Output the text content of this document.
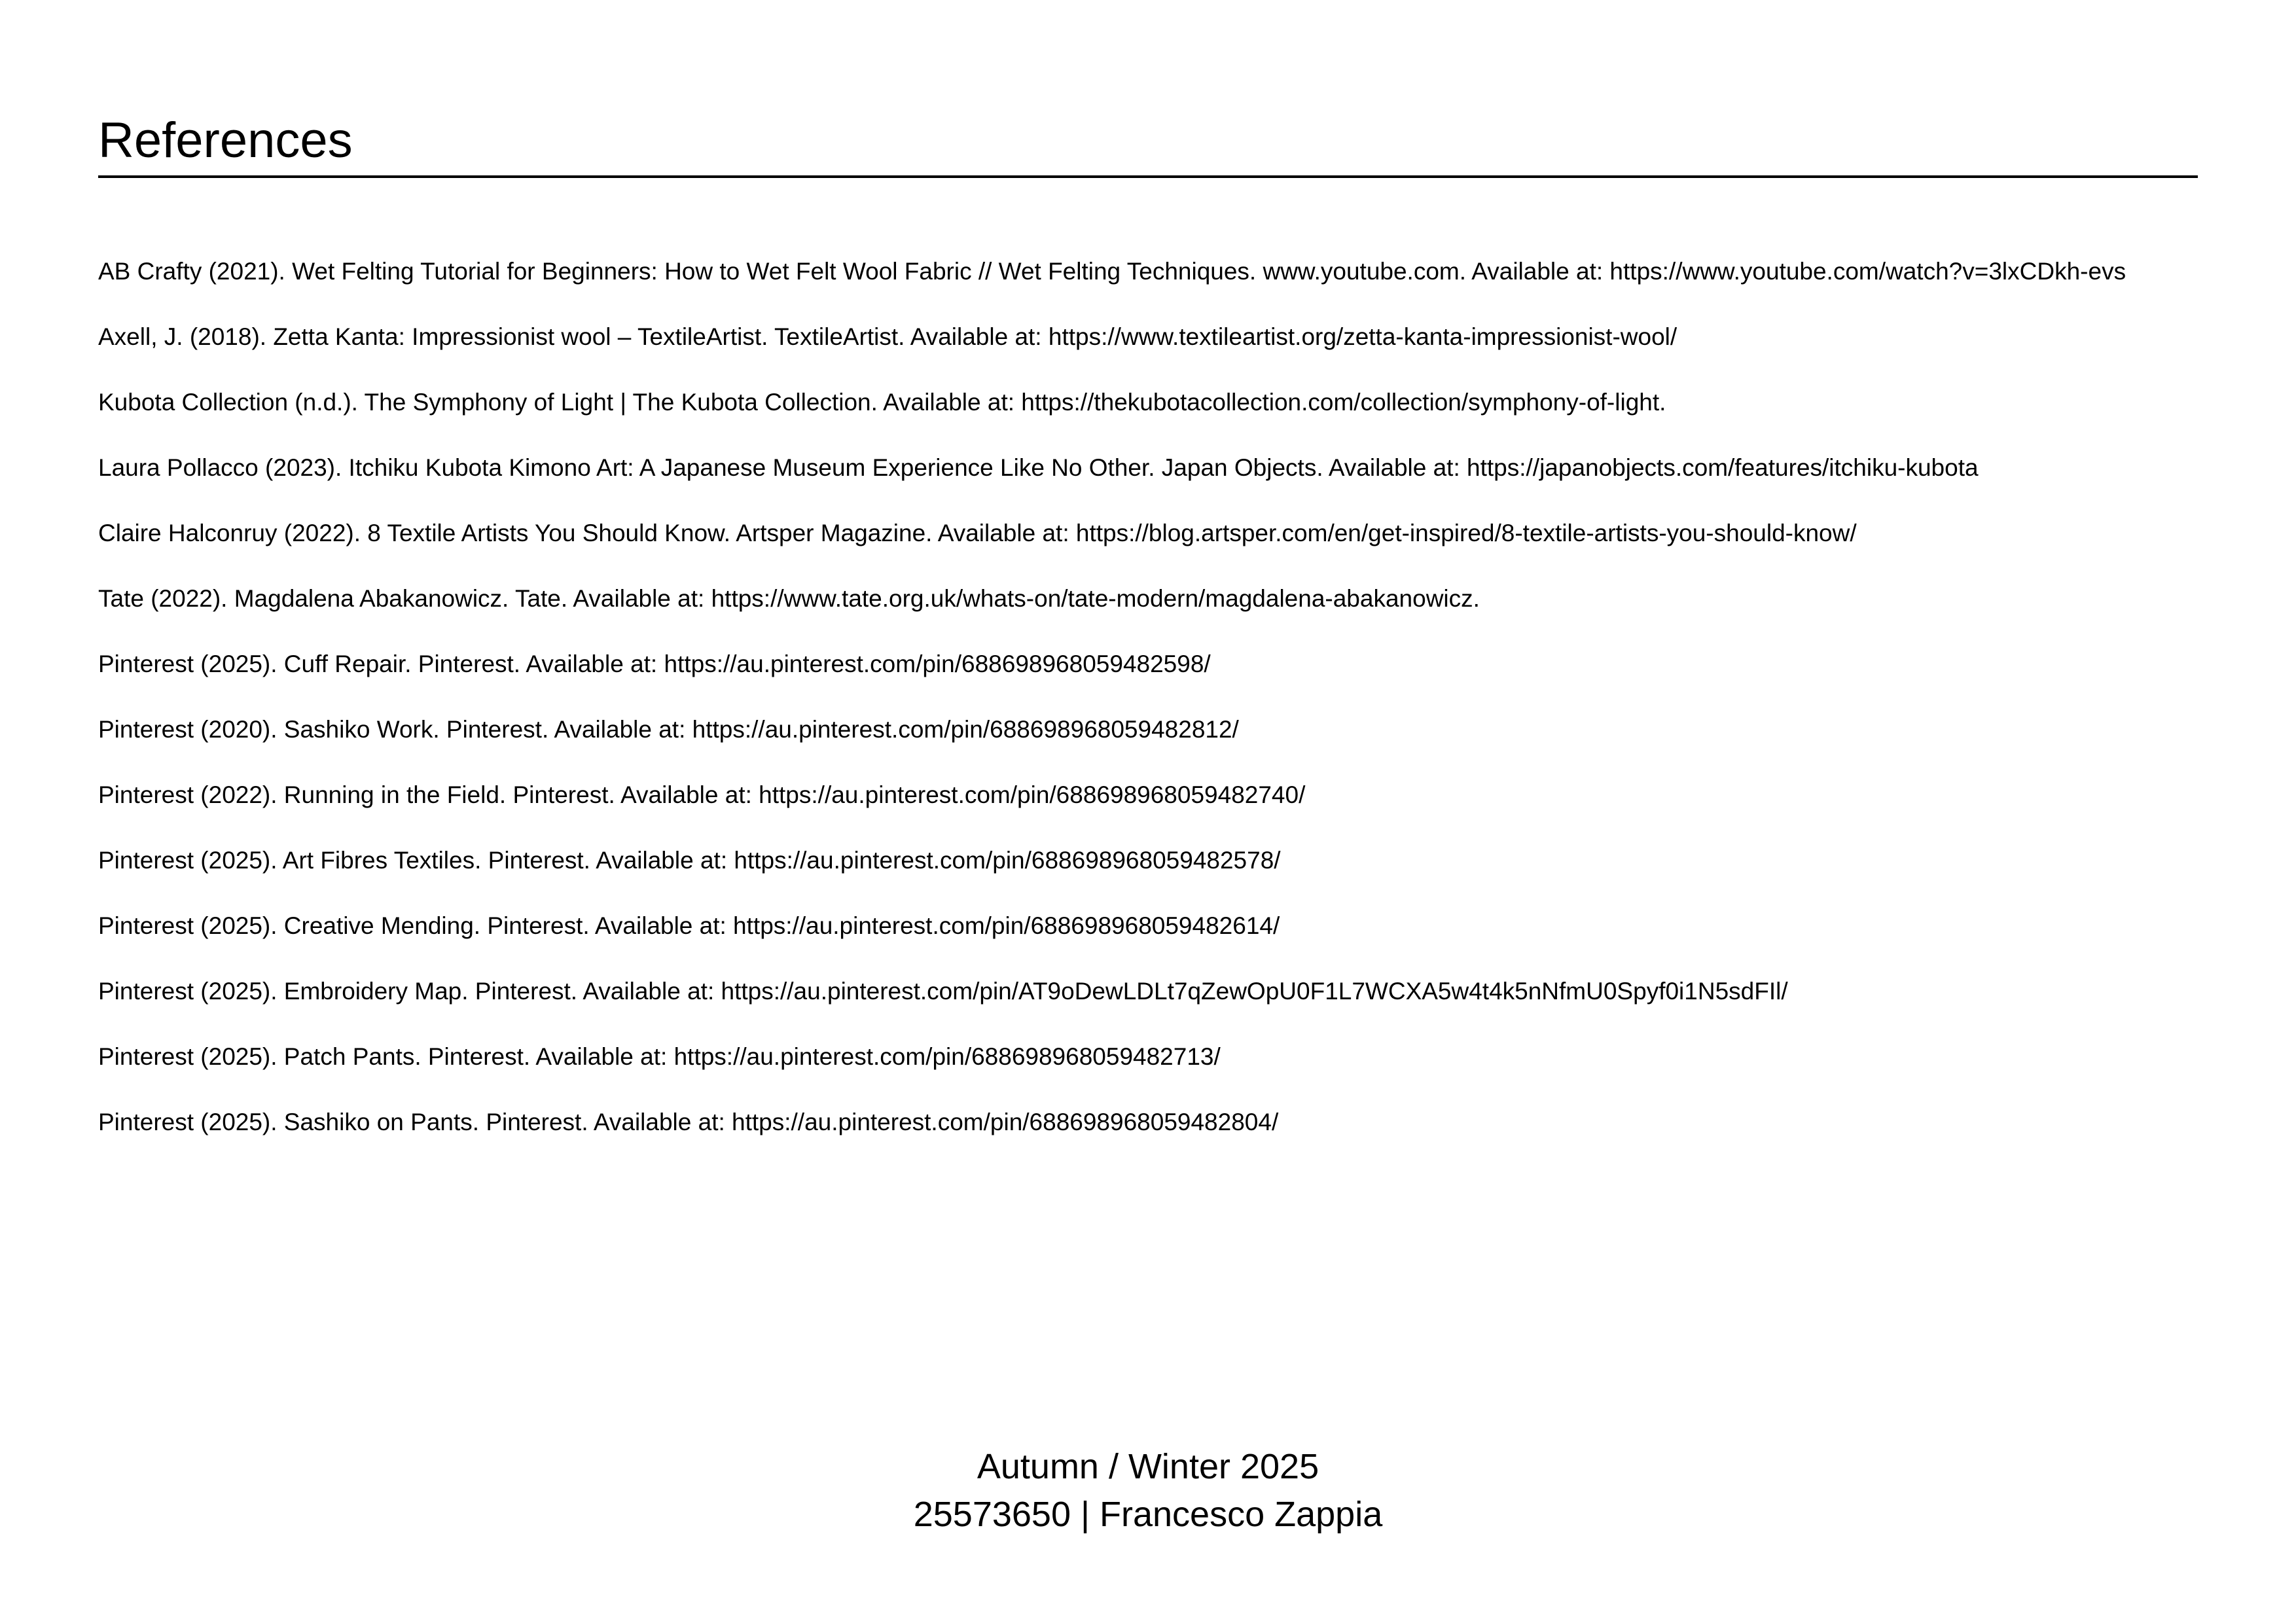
References
AB Crafty (2021). Wet Felting Tutorial for Beginners: How to Wet Felt Wool Fabric // Wet Felting Techniques. www.youtube.com. Available at: https://www.youtube.com/watch?v=3lxCDkh-evs
Axell, J. (2018). Zetta Kanta: Impressionist wool – TextileArtist. TextileArtist. Available at: https://www.textileartist.org/zetta-kanta-impressionist-wool/
Kubota Collection (n.d.). The Symphony of Light | The Kubota Collection. Available at: https://thekubotacollection.com/collection/symphony-of-light.
Laura Pollacco (2023). Itchiku Kubota Kimono Art: A Japanese Museum Experience Like No Other. Japan Objects. Available at: https://japanobjects.com/features/itchiku-kubota
Claire Halconruy (2022). 8 Textile Artists You Should Know. Artsper Magazine. Available at: https://blog.artsper.com/en/get-inspired/8-textile-artists-you-should-know/
Tate (2022). Magdalena Abakanowicz. Tate. Available at: https://www.tate.org.uk/whats-on/tate-modern/magdalena-abakanowicz.
Pinterest (2025). Cuff Repair. Pinterest. Available at: https://au.pinterest.com/pin/688698968059482598/
Pinterest (2020). Sashiko Work. Pinterest. Available at: https://au.pinterest.com/pin/688698968059482812/
Pinterest (2022). Running in the Field. Pinterest. Available at: https://au.pinterest.com/pin/688698968059482740/
Pinterest (2025). Art Fibres Textiles. Pinterest. Available at: https://au.pinterest.com/pin/688698968059482578/
Pinterest (2025). Creative Mending. Pinterest. Available at: https://au.pinterest.com/pin/688698968059482614/
Pinterest (2025). Embroidery Map. Pinterest. Available at: https://au.pinterest.com/pin/AT9oDewLDLt7qZewOpU0F1L7WCXA5w4t4k5nNfmU0Spyf0i1N5sdFIl/
Pinterest (2025). Patch Pants. Pinterest. Available at: https://au.pinterest.com/pin/688698968059482713/
Pinterest (2025). Sashiko on Pants. Pinterest. Available at: https://au.pinterest.com/pin/688698968059482804/
Autumn / Winter 2025
25573650 | Francesco Zappia
